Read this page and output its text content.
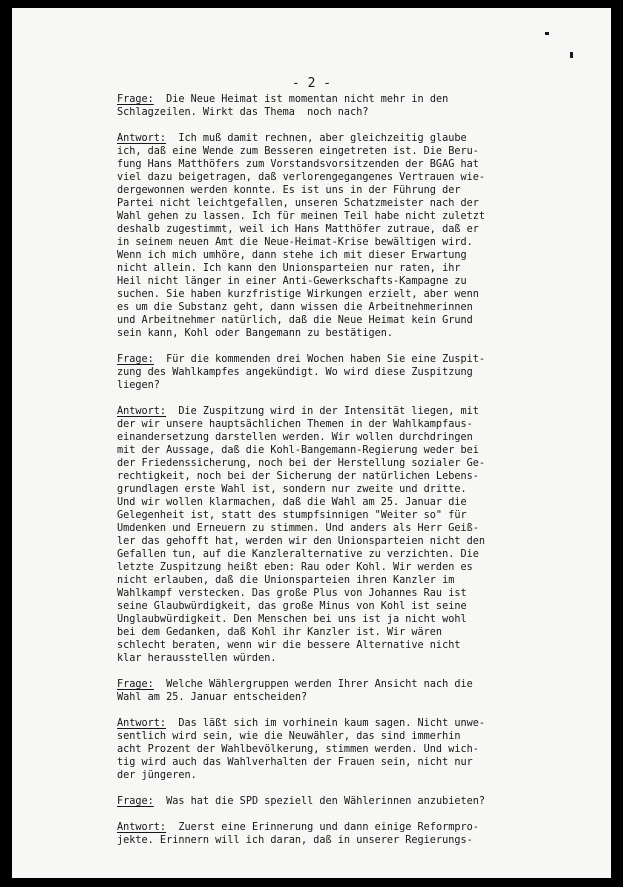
- 2 -
Frage:  Die Neue Heimat ist momentan nicht mehr in den
Schlagzeilen. Wirkt das Thema  noch nach?
Antwort:  Ich muß damit rechnen, aber gleichzeitig glaube
ich, daß eine Wende zum Besseren eingetreten ist. Die Beru-
fung Hans Matthöfers zum Vorstandsvorsitzenden der BGAG hat
viel dazu beigetragen, daß verlorengegangenes Vertrauen wie-
dergewonnen werden konnte. Es ist uns in der Führung der
Partei nicht leichtgefallen, unseren Schatzmeister nach der
Wahl gehen zu lassen. Ich für meinen Teil habe nicht zuletzt
deshalb zugestimmt, weil ich Hans Matthöfer zutraue, daß er
in seinem neuen Amt die Neue-Heimat-Krise bewältigen wird.
Wenn ich mich umhöre, dann stehe ich mit dieser Erwartung
nicht allein. Ich kann den Unionsparteien nur raten, ihr
Heil nicht länger in einer Anti-Gewerkschafts-Kampagne zu
suchen. Sie haben kurzfristige Wirkungen erzielt, aber wenn
es um die Substanz geht, dann wissen die Arbeitnehmerinnen
und Arbeitnehmer natürlich, daß die Neue Heimat kein Grund
sein kann, Kohl oder Bangemann zu bestätigen.
Frage:  Für die kommenden drei Wochen haben Sie eine Zuspit-
zung des Wahlkampfes angekündigt. Wo wird diese Zuspitzung
liegen?
Antwort:  Die Zuspitzung wird in der Intensität liegen, mit
der wir unsere hauptsächlichen Themen in der Wahlkampfaus-
einandersetzung darstellen werden. Wir wollen durchdringen
mit der Aussage, daß die Kohl-Bangemann-Regierung weder bei
der Friedenssicherung, noch bei der Herstellung sozialer Ge-
rechtigkeit, noch bei der Sicherung der natürlichen Lebens-
grundlagen erste Wahl ist, sondern nur zweite und dritte.
Und wir wollen klarmachen, daß die Wahl am 25. Januar die
Gelegenheit ist, statt des stumpfsinnigen "Weiter so" für
Umdenken und Erneuern zu stimmen. Und anders als Herr Geiß-
ler das gehofft hat, werden wir den Unionsparteien nicht den
Gefallen tun, auf die Kanzleralternative zu verzichten. Die
letzte Zuspitzung heißt eben: Rau oder Kohl. Wir werden es
nicht erlauben, daß die Unionsparteien ihren Kanzler im
Wahlkampf verstecken. Das große Plus von Johannes Rau ist
seine Glaubwürdigkeit, das große Minus von Kohl ist seine
Unglaubwürdigkeit. Den Menschen bei uns ist ja nicht wohl
bei dem Gedanken, daß Kohl ihr Kanzler ist. Wir wären
schlecht beraten, wenn wir die bessere Alternative nicht
klar herausstellen würden.
Frage:  Welche Wählergruppen werden Ihrer Ansicht nach die
Wahl am 25. Januar entscheiden?
Antwort:  Das läßt sich im vorhinein kaum sagen. Nicht unwe-
sentlich wird sein, wie die Neuwähler, das sind immerhin
acht Prozent der Wahlbevölkerung, stimmen werden. Und wich-
tig wird auch das Wahlverhalten der Frauen sein, nicht nur
der jüngeren.
Frage:  Was hat die SPD speziell den Wählerinnen anzubieten?
Antwort:  Zuerst eine Erinnerung und dann einige Reformpro-
jekte. Erinnern will ich daran, daß in unserer Regierungs-
